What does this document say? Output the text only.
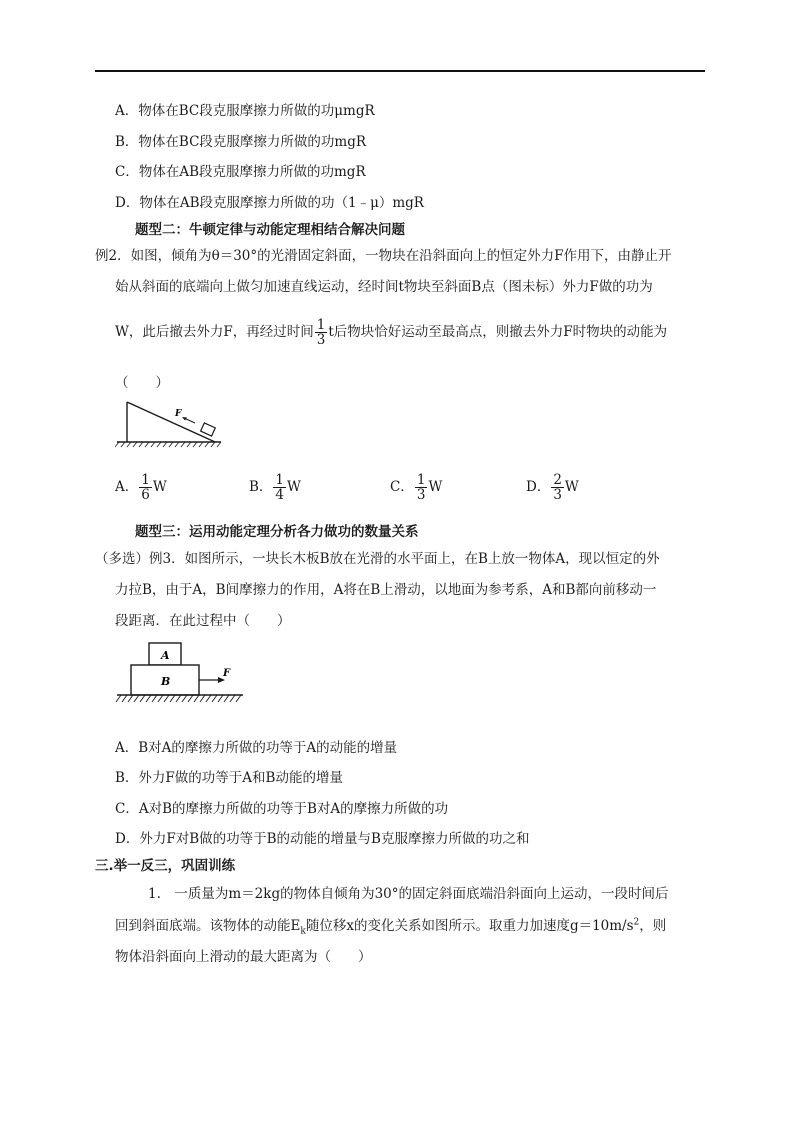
A．物体在BC段克服摩擦力所做的功μmgR
B．物体在BC段克服摩擦力所做的功mgR
C．物体在AB段克服摩擦力所做的功mgR
D．物体在AB段克服摩擦力所做的功（1﹣μ）mgR
题型二：牛顿定律与动能定理相结合解决问题
例2．如图，倾角为θ＝30°的光滑固定斜面，一物块在沿斜面向上的恒定外力F作用下，由静止开
始从斜面的底端向上做匀加速直线运动，经时间t物块至斜面B点（图未标）外力F做的功为
W，此后撤去外力F，再经过时间 $\frac{1}{3}$ t后物块恰好运动至最高点，则撤去外力F时物块的动能为
（　　）
F
A． $\frac{1}{6}$ W	B． $\frac{1}{4}$ W	C． $\frac{1}{3}$ W	D． $\frac{2}{3}$ W
题型三：运用动能定理分析各力做功的数量关系
（多选）例3．如图所示，一块长木板B放在光滑的水平面上，在B上放一物体A，现以恒定的外
力拉B，由于A，B间摩擦力的作用，A将在B上滑动，以地面为参考系，A和B都向前移动一
段距离．在此过程中（　　）
A
B
F
A．B对A的摩擦力所做的功等于A的动能的增量
B．外力F做的功等于A和B动能的增量
C．A对B的摩擦力所做的功等于B对A的摩擦力所做的功
D．外力F对B做的功等于B的动能的增量与B克服摩擦力所做的功之和
三.举一反三，巩固训练
1.　一质量为m＝2kg的物体自倾角为30°的固定斜面底端沿斜面向上运动，一段时间后
回到斜面底端。该物体的动能$E_k$随位移x的变化关系如图所示。取重力加速度$g=10m/s^2$，则
物体沿斜面向上滑动的最大距离为（　　）
